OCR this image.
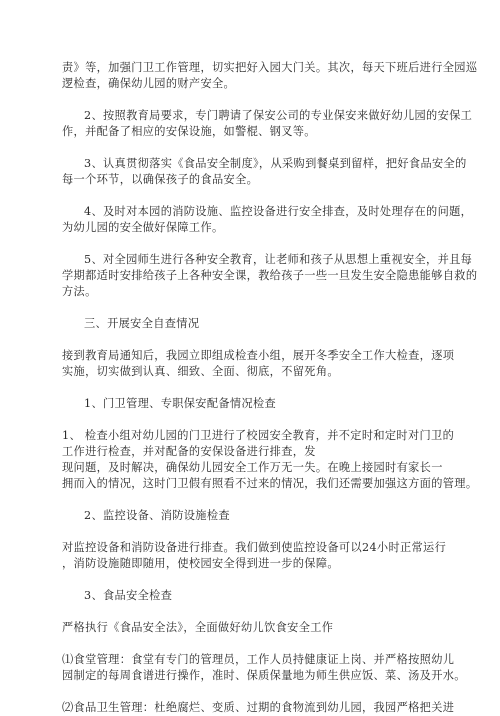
责》等，加强门卫工作管理，切实把好入园大门关。其次，每天下班后进行全园巡
逻检查，确保幼儿园的财产安全。
2、按照教育局要求，专门聘请了保安公司的专业保安来做好幼儿园的安保工
作，并配备了相应的安保设施，如警棍、钢叉等。
3、认真贯彻落实《食品安全制度》，从采购到餐桌到留样，把好食品安全的
每一个环节，以确保孩子的食品安全。
4、及时对本园的消防设施、监控设备进行安全排查，及时处理存在的问题，
为幼儿园的安全做好保障工作。
5、对全园师生进行各种安全教育，让老师和孩子从思想上重视安全，并且每
学期都适时安排给孩子上各种安全课，教给孩子一些一旦发生安全隐患能够自救的
方法。
三、开展安全自查情况
接到教育局通知后，我园立即组成检查小组，展开冬季安全工作大检查，逐项
实施，切实做到认真、细致、全面、彻底，不留死角。
1、门卫管理、专职保安配备情况检查
1、 检查小组对幼儿园的门卫进行了校园安全教育，并不定时和定时对门卫的
工作进行检查，并对配备的安保设备进行排查，发
现问题，及时解决，确保幼儿园安全工作万无一失。在晚上接园时有家长一
拥而入的情况，这时门卫假有照看不过来的情况，我们还需要加强这方面的管理。
2、监控设备、消防设施检查
对监控设备和消防设备进行排查。我们做到使监控设备可以24小时正常运行
，消防设施随即随用，使校园安全得到进一步的保障。
3、食品安全检查
严格执行《食品安全法》，全面做好幼儿饮食安全工作
⑴食堂管理：食堂有专门的管理员，工作人员持健康证上岗、并严格按照幼儿
园制定的每周食谱进行操作，准时、保质保量地为师生供应饭、菜、汤及开水。
⑵食品卫生管理：杜绝腐烂、变质、过期的食物流到幼儿园，我园严格把关进
